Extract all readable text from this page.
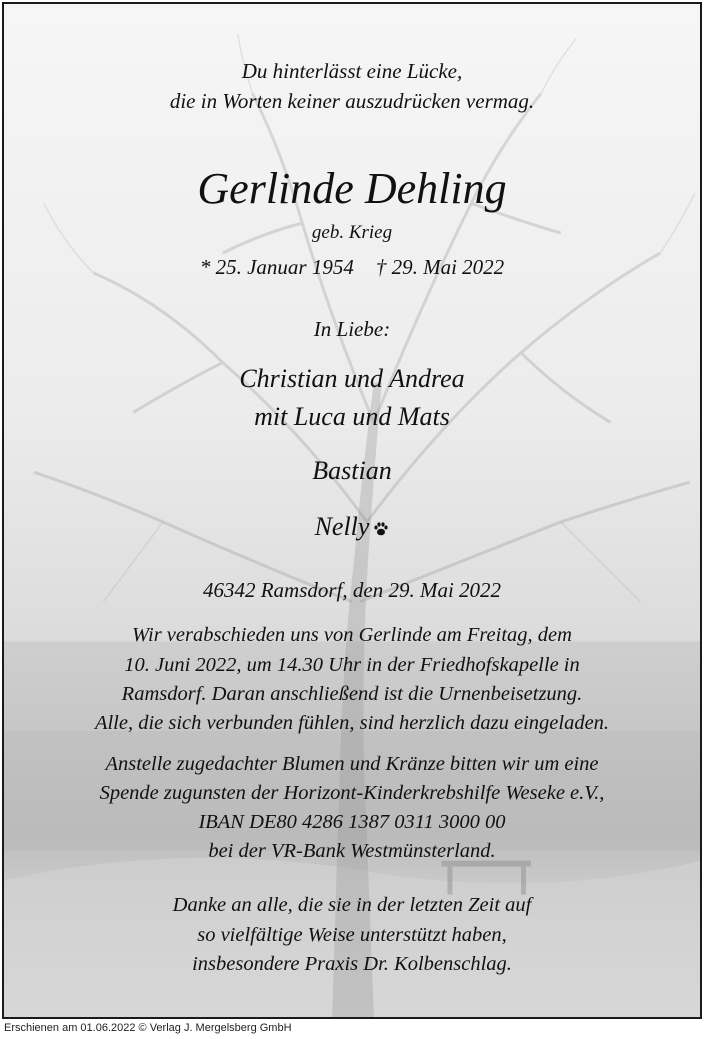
Du hinterlässt eine Lücke,

die in Worten keiner auszudrücken vermag.

Gerlinde Dehling

geb. Krieg

* 25. Januar 1954 † 29. Mai 2022

In Liebe:

Christian und Andrea

mit Luca und Mats

Bastian

Nelly

46342 Ramsdorf, den 29. Mai 2022

Wir verabschieden uns von Gerlinde am Freitag, dem

10. Juni 2022, um 14.30 Uhr in der Friedhofskapelle in

Ramsdorf. Daran anschließend ist die Urnenbeisetzung.

Alle, die sich verbunden fühlen, sind herzlich dazu eingeladen.

Anstelle zugedachter Blumen und Kränze bitten wir um eine

Spende zugunsten der Horizont-Kinderkrebshilfe Weseke e.V.,

IBAN DE80 4286 1387 0311 3000 00

bei der VR-Bank Westmünsterland.

Danke an alle, die sie in der letzten Zeit auf

so vielfältige Weise unterstützt haben,

insbesondere Praxis Dr. Kolbenschlag.

Erschienen am 01.06.2022 © Verlag J. Mergelsberg GmbH
